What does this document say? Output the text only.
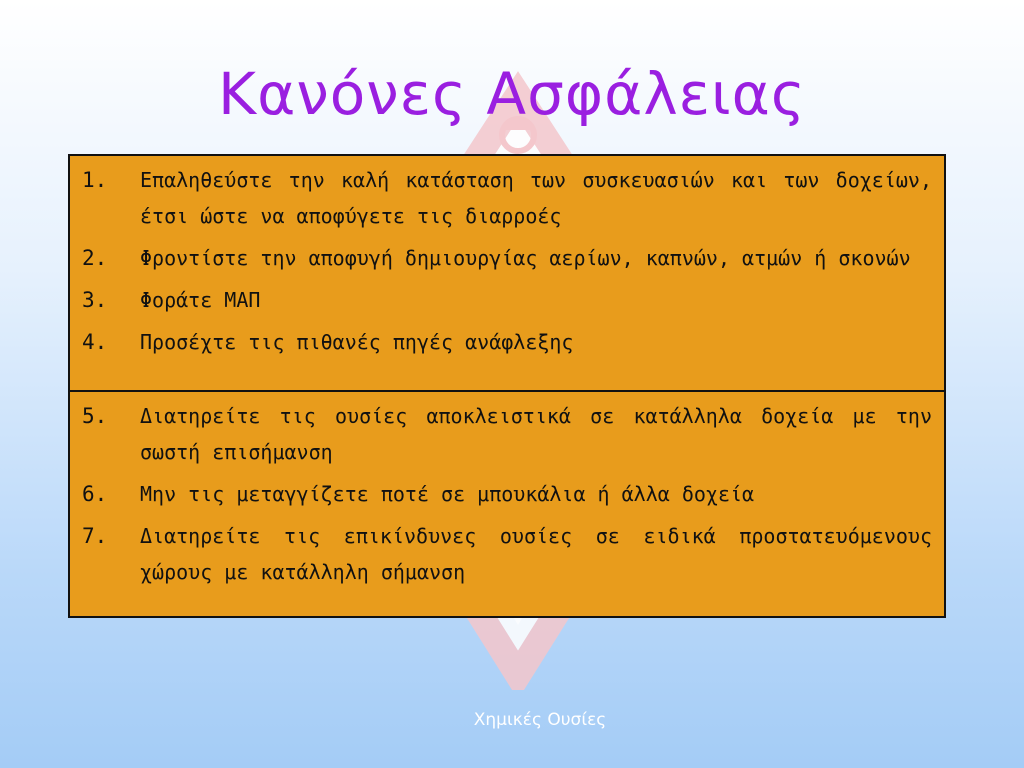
Κανόνες Ασφάλειας
1.	Επαληθεύστε την καλή κατάσταση των συσκευασιών και των δοχείων, έτσι ώστε να αποφύγετε τις διαρροές
2.	Φροντίστε την αποφυγή δημιουργίας αερίων, καπνών, ατμών ή σκονών
3.	Φοράτε ΜΑΠ
4.	Προσέχτε τις πιθανές πηγές ανάφλεξης
5.	Διατηρείτε τις ουσίες αποκλειστικά σε κατάλληλα δοχεία με την σωστή επισήμανση
6.	Μην τις μεταγγίζετε ποτέ σε μπουκάλια ή άλλα δοχεία
7.	Διατηρείτε τις επικίνδυνες ουσίες σε ειδικά προστατευόμενους χώρους με κατάλληλη σήμανση
Χημικές Ουσίες
